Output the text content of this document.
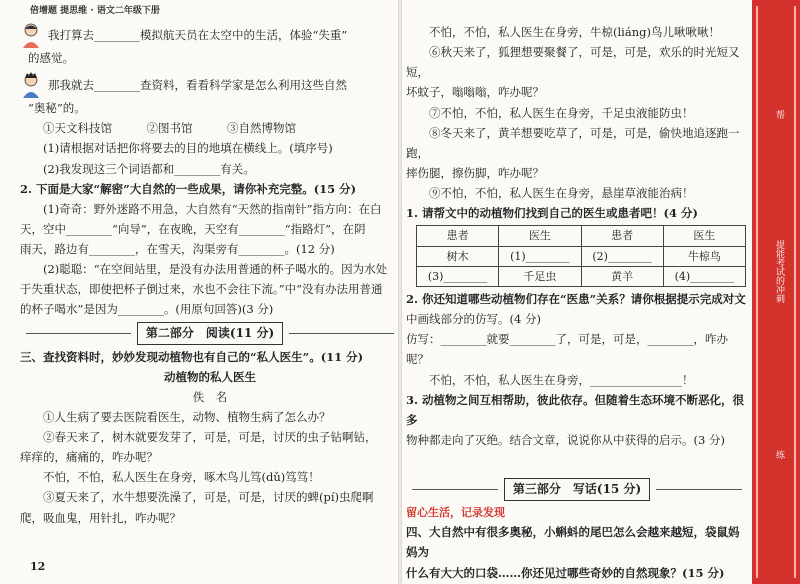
倍增题 提思维 · 语文二年级下册
我打算去________模拟航天员在太空中的生活，体验“失重”
的感觉。
那我就去________查资料，看看科学家是怎么利用这些自然
“奥秘”的。
①天文科技馆　　　②图书馆　　　③自然博物馆
(1)请根据对话把你将要去的目的地填在横线上。(填序号)
(2)我发现这三个词语都和________有关。
2. 下面是大家“解密”大自然的一些成果，请你补充完整。(15 分)
(1)奇奇：野外迷路不用急，大自然有“天然的指南针”指方向：在白
天，空中________“向导”，在夜晚，天空有________“指路灯”，在阴
雨天，路边有________，在雪天，沟渠旁有________。(12 分)
(2)聪聪：“在空间站里，是没有办法用普通的杯子喝水的。因为水处
于失重状态，即使把杯子倒过来，水也不会往下流。”中“没有办法用普通
的杯子喝水”是因为________。(用原句回答)(3 分)
第二部分　阅读(11 分)
三、查找资料时，妙妙发现动植物也有自己的“私人医生”。(11 分)
动植物的私人医生
佚　名
①人生病了要去医院看医生，动物、植物生病了怎么办？
②春天来了，树木就要发芽了，可是，可是，讨厌的虫子钻啊钻，
痒痒的，痛痛的，咋办呢？
不怕，不怕，私人医生在身旁，啄木鸟儿笃(dǔ)笃笃！
③夏天来了，水牛想要洗澡了，可是，可是，讨厌的蜱(pí)虫爬啊
爬，吸血鬼，用针扎，咋办呢？
12
不怕，不怕，私人医生在身旁，牛椋(liáng)鸟儿啾啾啾！
⑥秋天来了，狐狸想要聚餐了，可是，可是，欢乐的时光短又短，
坏蚊子，嗡嗡嗡，咋办呢？
⑦不怕，不怕，私人医生在身旁，千足虫液能防虫！
⑧冬天来了，黄羊想要吃草了，可是，可是，偷快地追逐跑一跑，
摔伤腿，擦伤脚，咋办呢？
⑨不怕，不怕，私人医生在身旁，悬崖草液能治病！
1. 请帮文中的动植物们找到自己的医生或患者吧！(4 分)
患者	医生	患者	医生
树木	(1)________	(2)________	牛椋鸟
(3)________	千足虫	黄羊	(4)________
2. 你还知道哪些动植物们存在“医患”关系？请你根据提示完成对文
中画线部分的仿写。(4 分)
仿写：________就要________了，可是，可是，________，咋办呢？
不怕，不怕，私人医生在身旁，________________！
3. 动植物之间互相帮助，彼此依存。但随着生态环境不断恶化，很多
物种都走向了灭绝。结合文章，说说你从中获得的启示。(3 分)
第三部分　写话(15 分)
留心生活，记录发现
四、大自然中有很多奥秘，小蝌蚪的尾巴怎么会越来越短，袋鼠妈妈为
什么有大大的口袋……你还见过哪些奇妙的自然现象？(15 分)
帮
提能考试的冲刺
练
